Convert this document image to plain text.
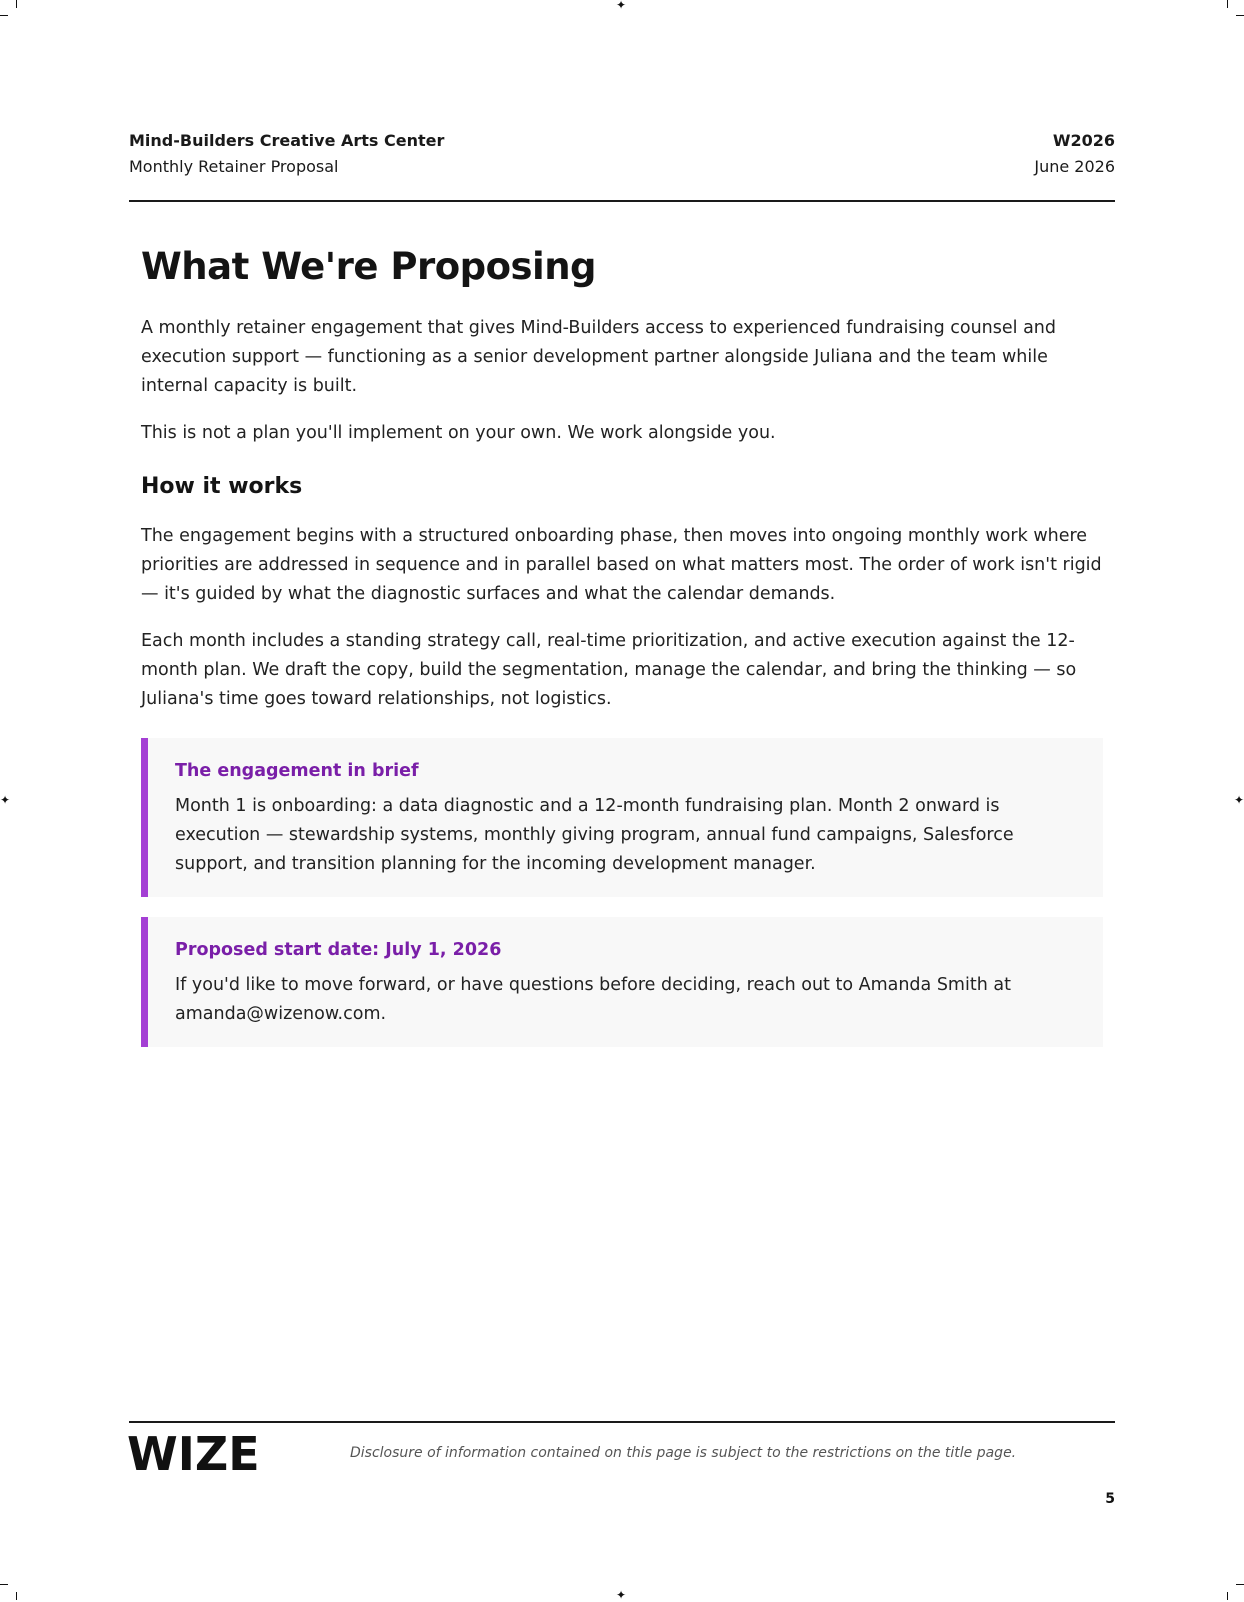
✦
✦	✦
✦
Mind-Builders Creative Arts Center
Monthly Retainer Proposal
W2026
June 2026
What We're Proposing

A monthly retainer engagement that gives Mind-Builders access to experienced fundraising counsel and execution support — functioning as a senior development partner alongside Juliana and the team while internal capacity is built.

This is not a plan you'll implement on your own. We work alongside you.

How it works

The engagement begins with a structured onboarding phase, then moves into ongoing monthly work where priorities are addressed in sequence and in parallel based on what matters most. The order of work isn't rigid — it's guided by what the diagnostic surfaces and what the calendar demands.

Each month includes a standing strategy call, real-time prioritization, and active execution against the 12-month plan. We draft the copy, build the segmentation, manage the calendar, and bring the thinking — so Juliana's time goes toward relationships, not logistics.

The engagement in brief

Month 1 is onboarding: a data diagnostic and a 12-month fundraising plan. Month 2 onward is execution — stewardship systems, monthly giving program, annual fund campaigns, Salesforce support, and transition planning for the incoming development manager.

Proposed start date: July 1, 2026

If you'd like to move forward, or have questions before deciding, reach out to Amanda Smith at amanda@wizenow.com.

WIZE	Disclosure of information contained on this page is subject to the restrictions on the title page.
5
